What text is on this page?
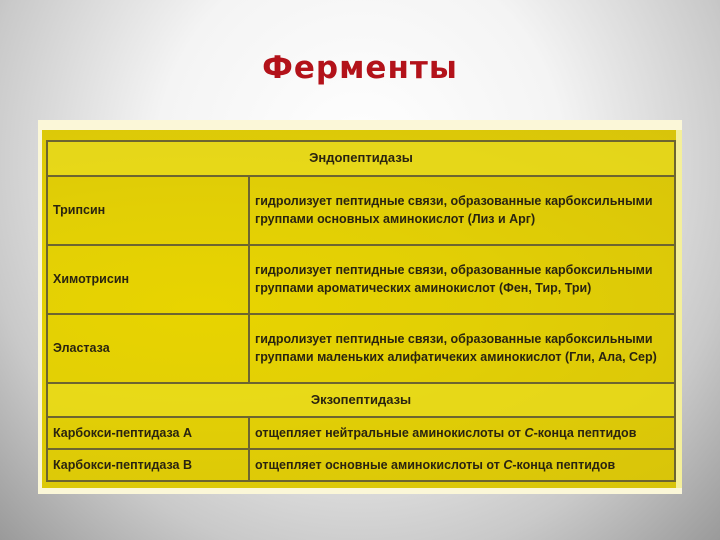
Ферменты
Эндопептидазы	
Трипсин	гидролизует пептидные связи, образованные карбоксильными
группами основных аминокислот (Лиз и Арг)

Химотрисин	гидролизует пептидные связи, образованные карбоксильными
группами ароматических аминокислот (Фен, Тир, Три)

Эластаза	гидролизует пептидные связи, образованные карбоксильными
группами маленьких алифатичеких аминокислот (Гли, Ала, Сер)

Экзопептидазы	
Карбокси-пептидаза А	отщепляет нейтральные аминокислоты от С-конца пептидов
Карбокси-пептидаза В	отщепляет основные аминокислоты от С-конца пептидов
